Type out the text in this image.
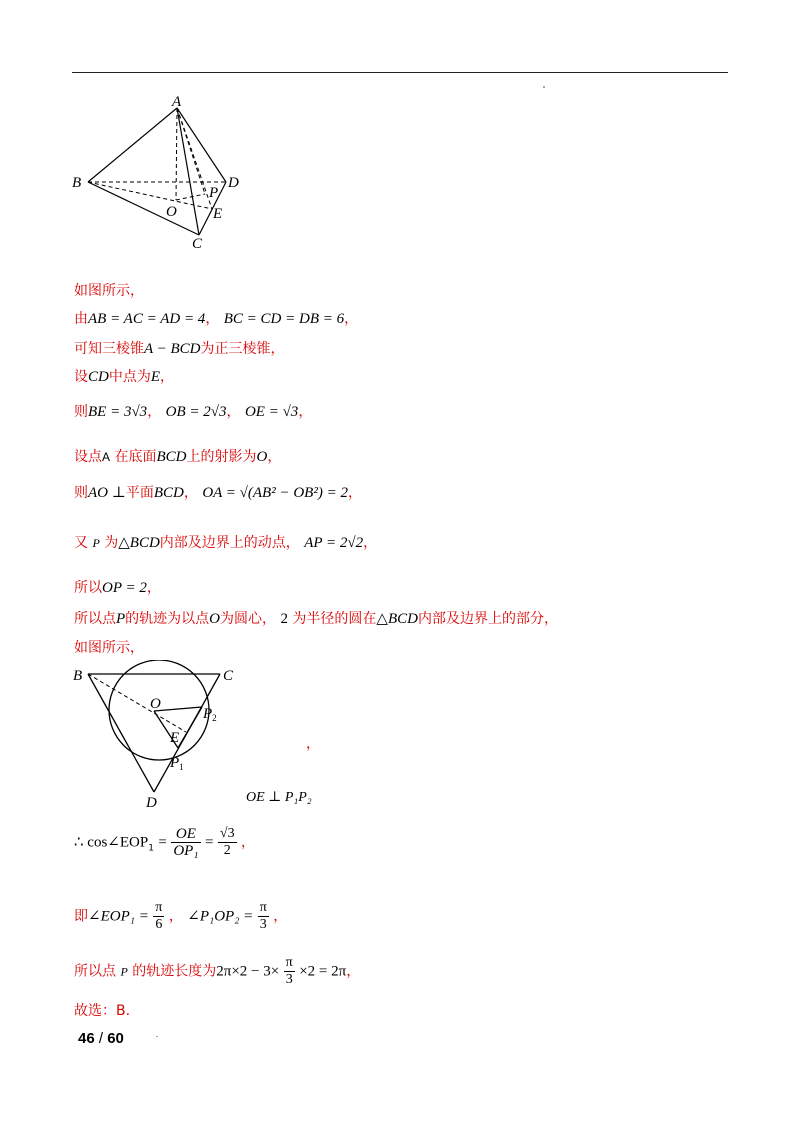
A
B	D
O
P
E
C
如图所示，
由AB = AC = AD = 4， BC = CD = DB = 6，
可知三棱锥A − BCD为正三棱锥，
设CD中点为E，
则BE = 3√3， OB = 2√3， OE = √3，
设点A 在底面BCD上的射影为O，
则AO ⊥平面BCD， OA = √(AB² − OB²) = 2，
又 P 为△BCD内部及边界上的动点， AP = 2√2，
所以OP = 2，
所以点P的轨迹为以点O为圆心， 2 为半径的圆在△BCD内部及边界上的部分，
如图所示，
B	C
O
$P_2$
E
$P_1$
D
，
OE ⊥ P₁P₂
∴ $\cos\angle EOP_1 = \frac{OE}{\text{OP₁}} = \frac{√3}{2}$ ，
即∠EOP₁ = $\frac{\pi}{6}$ ， ∠P₁OP₂ = $\frac{\pi}{3}$ ，
所以点 P 的轨迹长度为$2\pi\times 2 - 3\times \frac{\pi}{3} \times 2 = 2\pi$，
故选：B.
46 / 60
